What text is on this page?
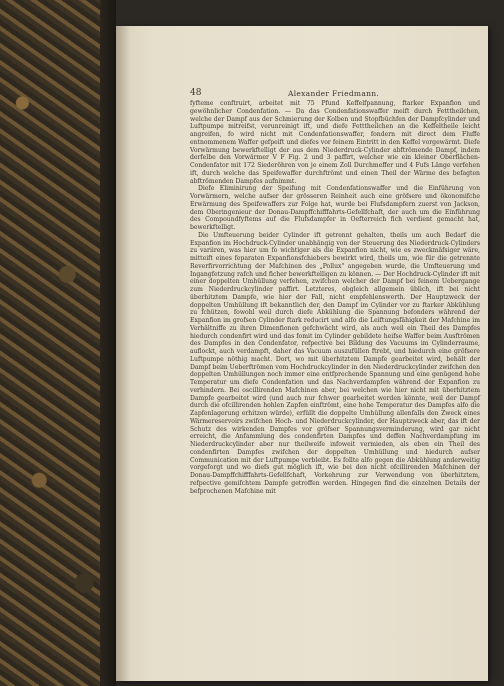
48	Alexander Friedmann.

fyfteme conftruirt, arbeitet mit 75 Pfund Keffelfpannung, ftarker Expanfion und gewöhnlicher Condenfation. — Da das Condenfationswaffer meift durch Fetttheilchen, welche der Dampf aus der Schmierung der Kolben und Stopfbüchfen der Dampfcylinder und Luftpumpe mitreifst, verunreinigt ift, und diefe Fetttheilchen an die Keffeltheile leicht angreifen, fo wird nicht mit Condenfationswaffer, fondern mit direct dem Fluffe entnommenem Waffer gefpeift und diefes vor feinem Eintritt in den Keffel vorgewärmt. Diefe Vorwärmung bewerkftelligt der aus dem Niederdruck-Cylinder abftrömende Dampf, indem derfelbe den Vorwärmer V F Fig. 2 und 3 paffirt, welcher wie ein kleiner Oberflächen-Condenfator mit 172 Siederöhren von je einem Zoll Durchmeffer und 4 Fufs Länge verfehen ift, durch welche das Speifewaffer durchftrömt und einen Theil der Wärme des befagten abftrömenden Dampfes aufnimmt.

Diefe Eliminirung der Speifung mit Condenfationswaffer und die Einführung von Vorwärmern, welche aufser der grösseren Reinheit auch eine gröfsere und ökonomifche Erwärmung des Speifewaffers zur Folge hat, wurde bei Flufsdampfern zuerst von Jackson, dem Oberingenieur der Donau-Dampffchifffahrts-Gefellfchaft, der auch um die Einführung des Compoundfyftems auf die Flufsdampfer in Oefterreich fich verdient gemacht hat, bewerkftelligt.

Die Umfteuerung beider Cylinder ift getrennt gehalten, theils um auch Bedarf die Expanfion im Hochdruck-Cylinder unabhängig von der Steuerung des Niederdruck-Cylinders zu variiren, was hier um fo wichtiger als die Expanfion nicht, wie es zweckmäfsiger wäre, mitteift eines feparaten Expanfionsfchiebers bewirkt wird, theils um, wie für die getrennte Reverfirvorrichtung der Mafchinen des „Pollux" angegeben wurde, die Umfteuerung und Ingangfetzung rafch und ficher bewerkftelligen zu können. — Der Hochdruck-Cylinder ift mit einer doppelten Umhüllung verfehen, zwifchen welcher der Dampf bei feinem Uebergange zum Niederdruckcylinder paffirt. Letzteres, obgleich allgemein üblich, ift bei nicht überhitztem Dampfe, wie hier der Fall, nicht empfehlenswerth. Der Hauptzweck der doppelten Umhüllung ift bekanntlich der, den Dampf im Cylinder vor zu ftarker Abkühlung zu fchützen, fowohl weil durch diefe Abkühlung die Spannung befonders während der Expanfion im grofsen Cylinder ftark reducirt und alfo die Leiftungsfähigkeit der Mafchine im Verhältniffe zu ihren Dimenfionen gefchwächt wird, als auch weil ein Theil des Dampfes hiedurch condenfirt wird und das fomit im Cylinder gebildete heifse Waffer beim Ausftrömen des Dampfes in den Condenfator, refpective bei Bildung des Vacuums im Cylinderraume, auflockt, auch verdampft, daher das Vacuum auszufüllen ftrebt, und hiedurch eine gröfsere Luftpumpe nöthig macht. Dort, wo mit überhitztem Dampfe gearbeitet wird, behält der Dampf beim Ueberftrömen vom Hochdruckcylinder in den Niederdruckcylinder zwifchen den doppelten Umhüllungen noch immer eine entfprechende Spannung und eine genügend hohe Temperatur um diefe Condenfation und das Nachverdampfen während der Expanfion zu verhindern. Bei oscillirenden Mafchinen aber, bei welchen wie hier nicht mit überhitztem Dampfe gearbeitet wird (und auch nur fchwer gearbeitet werden könnte, weil der Dampf durch die ofcillirenden hohlen Zapfen einftrömt, eine hohe Temperatur des Dampfes alfo die Zapfenlagerung erhitzen würde), erfüllt die doppelte Umhüllung allenfalls den Zweck eines Wärmereservoirs zwifchen Hoch- und Niederdruckcylinder, der Hauptzweck aber, das ift der Schutz des wirkenden Dampfes vor gröfser Spannungsverminderung, wird gar nicht erreicht, die Anfammlung des condenfirten Dampfes und deffen Nachverdampfung im Niederdruckcylinder aber nur theilweife infoweit vermieden, als eben ein Theil des condenfirten Dampfes zwifchen der doppelten Umhüllung und hiedurch aufser Communication mit der Luftpumpe verbleibt. Es follte alfo gegen die Abkühlung anderweitig vorgeforgt und wo diefs gut möglich ift, wie bei den nicht ofcillirenden Mafchinen der Donau-Dampffchifffahrts-Gefellfchaft, Vorkehrung zur Verwendung von überhitztem, refpective gemifchtem Dampfe getroffen werden. Hingegen find die einzelnen Details der befprochenen Mafchine mit
